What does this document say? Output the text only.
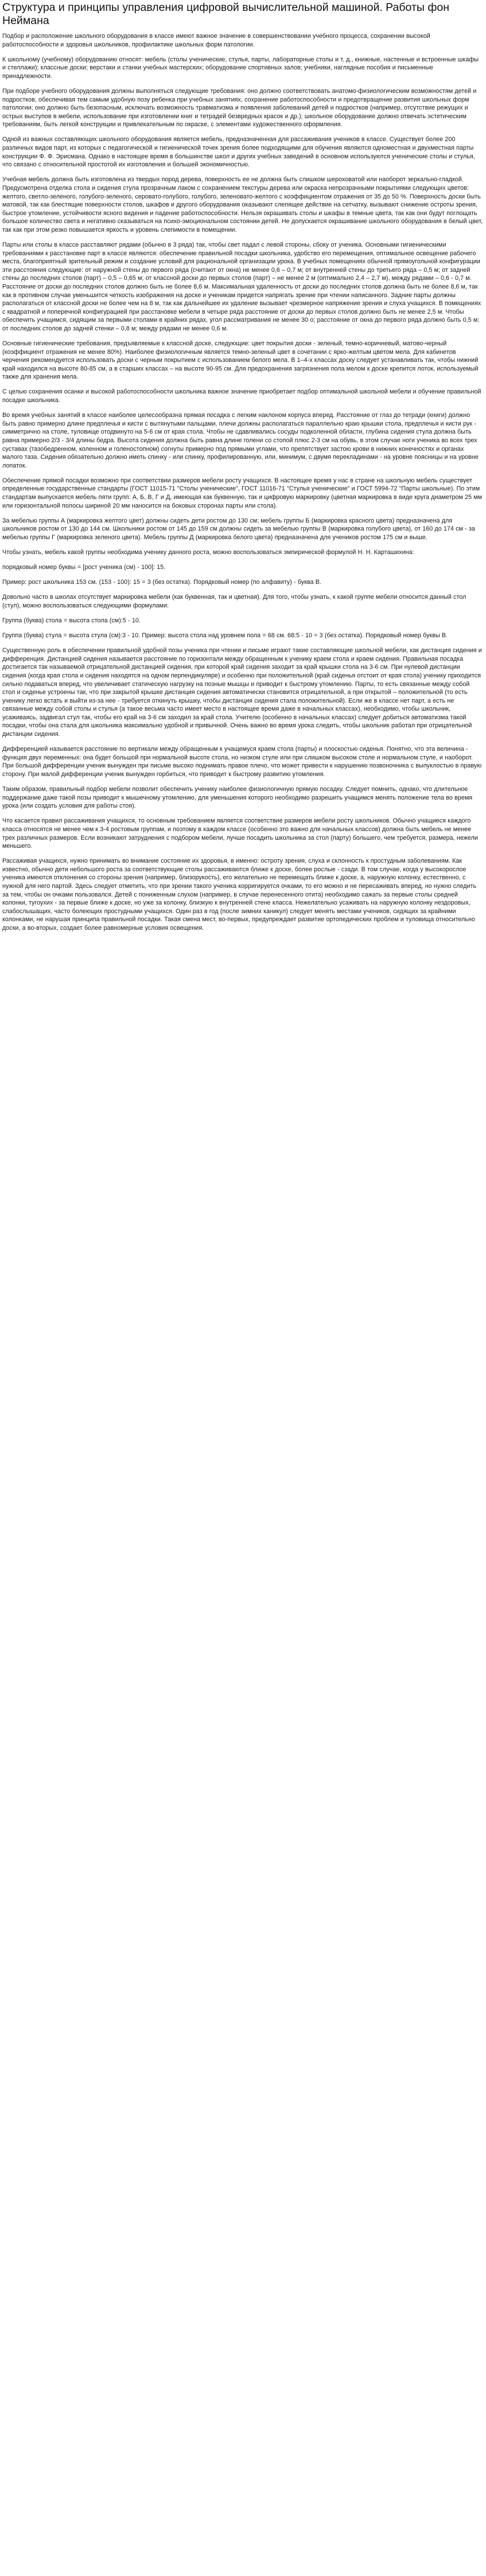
Структура и принципы управления цифровой вычислительной машиной. Работы фон Неймана

Подбор и расположение школьного оборудования в классе имеют важное значение в совершенствовании учебного процесса, сохранении высокой работоспособности и здоровья школьников, профилактике школьных форм патологии.

К школьному (учебному) оборудованию относят: мебель (столы ученические, стулья, парты, лабораторные столы и т. д., книжные, настенные и встроенные шкафы и стеллажи); классные доски; верстаки и станки учебных мастерских; оборудование спортивных залов; учебники, наглядные пособия и письменные принадлежности.

При подборе учебного оборудования должны выполняться следующие требования: оно должно соответствовать анатомо-физиологическим возможностям детей и подростков, обеспечивая тем самым удобную позу ребенка при учебных занятиях, сохранение работоспособности и предотвращение развития школьных форм патологии; оно должно быть безопасным, исключать возможность травматизма и появления заболеваний детей и подростков (например, отсутствие режущих и острых выступов в мебели, использование при изготовлении книг и тетрадей безвредных красок и др.); школьное оборудование должно отвечать эстетическим требованиям, быть легкой конструкции и привлекательным по окраске, с элементами художественного оформления.

Одной из важных составляющих школьного оборудования является мебель, предназначенная для рассаживания учеников в классе. Существует более 200 различных видов парт, из которых с педагогической и гигиенической точек зрения более подходящими для обучения являются одноместная и двухместная парты конструкции Ф. Ф. Эрисмана. Однако в настоящее время в большинстве школ и других учебных заведений в основном используются ученические столы и стулья, что связано с относительной простотой их изготовления и большей экономичностью.

Учебная мебель должна быть изготовлена из твердых пород дерева, поверхность ее не должна быть слишком шероховатой или наоборот зеркально-гладкой. Предусмотрена отделка стола и сидения стула прозрачным лаком с сохранением текстуры дерева или окраска непрозрачными покрытиями следующих цветов: желтого, светло-зеленого, голубого-зеленого, серовато-голубого, голубого, зеленовато-желтого с коэффициентом отражения от 35 до 50 %. Поверхность доски быть матовой, так как блестящие поверхности столов, шкафов и другого оборудования оказывают слепящее действие на сетчатку, вызывают снижение остроты зрения, быстрое утомление, устойчивости ясного видения и падение работоспособности. Нельзя окрашивать столы и шкафы в темные цвета, так как они будут поглощать большое количество света и негативно сказываться на психо-эмоциональном состоянии детей. Не допускается окрашивание школьного оборудования в белый цвет, так как при этом резко повышается яркость и уровень слепимости в помещении.

Парты или столы в классе расставляют рядами (обычно в 3 ряда) так, чтобы свет падал с левой стороны, сбоку от ученика. Основными гигиеническими требованиями к расстановке парт в классе являются: обеспечение правильной посадки школьника, удобство его перемещения, оптимальное освещение рабочего места, благоприятный зрительный режим и создание условий для рациональной организации урока. В учебных помещениях обычной прямоугольной конфигурации эти расстояния следующие: от наружной стены до первого ряда (считают от окна) не менее 0,6 – 0,7 м; от внутренней стены до третьего ряда – 0,5 м; от задней стены до последних столов (парт) – 0,5 – 0,65 м; от классной доски до первых столов (парт) – не менее 2 м (оптимально 2,4 – 2,7 м), между рядами – 0,6 - 0,7 м. Расстояние от доски до последних столов должно быть не более 8,6 м. Максимальная удаленность от доски до последних столов должна быть не более 8,6 м, так как в противном случае уменьшится четкость изображения на доске и ученикам придется напрягать зрение при чтении написанного. Задние парты должны располагаться от классной доски не более чем на 8 м, так как дальнейшее их удаление вызывает чрезмерное напряжение зрения и слуха учащихся. В помещениях с квадратной и поперечной конфигурацией при расстановке мебели в четыре ряда расстояние от доски до первых столов должно быть не менее 2,5 м. Чтобы обеспечить учащимся, сидящим за первыми столами в крайних рядах, угол рассматривания не менее 30 о; расстояние от окна до первого ряда должно быть 0,5 м; от последних столов до задней стенки – 0,8 м; между рядами не менее 0,6 м.

Основные гигиенические требования, предъявляемые к классной доске, следующие: цвет покрытия доски - зеленый, темно-коричневый, матово-черный (коэффициент отражения не менее 80%). Наиболее физиологичным является темно-зеленый цвет в сочетании с ярко-желтым цветом мела. Для кабинетов черчения рекомендуется использовать доски с черным покрытием с использованием белого мела. В 1–4-х классах доску следует устанавливать так, чтобы нижний край находился на высоте 80-85 см, а в старших классах – на высоте 90-95 см. Для предохранения загрязнения пола мелом к доске крепится лоток, используемый также для хранения мела.

С целью сохранения осанки и высокой работоспособности школьника важное значение приобретает подбор оптимальной школьной мебели и обучение правильной посадке школьника.

Во время учебных занятий в классе наиболее целесообразна прямая посадка с легким наклоном корпуса вперед. Расстояние от глаз до тетради (книги) должно быть равно примерно длине предплечья и кисти с вытянутыми пальцами, плечи должны располагаться параллельно краю крышки стола, предплечья и кисти рук - симметрично на столе, туловище отодвинуто на 5-6 см от края стола. Чтобы не сдавливались сосуды подколенной области, глубина сидения стула должна быть равна примерно 2/3 - 3/4 длины бедра. Высота сидения должна быть равна длине голени со стопой плюс 2-3 см на обувь, в этом случае ноги ученика во всех трех суставах (тазобедренном, коленном и голеностопном) согнуты примерно под прямыми углами, что препятствует застою крови в нижних конечностях и органах малого таза. Сидения обязательно должно иметь спинку - или спинку, профилированную, или, минимум, с двумя перекладинами - на уровне поясницы и на уровне лопаток.

Обеспечение прямой посадки возможно при соответствии размеров мебели росту учащихся. В настоящее время у нас в стране на школьную мебель существует определенные государственные стандарты (ГОСТ 11015-71 "Столы ученические", ГОСТ 11016-71 "Стулья ученические" и ГОСТ 5994-72 "Парты школьные). По этим стандартам выпускается мебель пяти групп: А, Б, В, Г и Д, имеющая как буквенную, так и цифровую маркировку (цветная маркировка в виде круга диаметром 25 мм или горизонтальной полосы шириной 20 мм наносится на боковых сторонах парты или стола).

За мебелью группы А (маркировка желтого цвет) должны сидеть дети ростом до 130 см; мебель группы Б (маркировка красного цвета) предназначена для школьников ростом от 130 до 144 см. Школьники ростом от 145 до 159 см должны сидеть за мебелью группы В (маркировка голубого цвета), от 160 до 174 см - за мебелью группы Г (маркировка зеленого цвета). Мебель группы Д (маркировка белого цвета) предназначена для учеников ростом 175 см и выше.

Чтобы узнать, мебель какой группы необходима ученику данного роста, можно воспользоваться эмпирической формулой Н. Н. Карташихина:

порядковый номер буквы = [рост ученика (см) - 100]: 15.

Пример: рост школьника 153 см. (153 - 100): 15 = 3 (без остатка). Порядковый номер (по алфавиту) - буква В.

Довольно часто в школах отсутствует маркировка мебели (как буквенная, так и цветная). Для того, чтобы узнать, к какой группе мебели относится данный стол (стул), можно воспользоваться следующими формулами:

Группа (буква) стола = высота стола (см):5 - 10.

Группа (буква) стула = высота стула (см):3 - 10. Пример: высота стола над уровнем пола = 68 см. 68:5 - 10 = 3 (без остатка). Порядковый номер буквы В.

Существенную роль в обеспечении правильной удобной позы ученика при чтении и письме играют такие составляющие школьной мебели, как дистанция сидения и дифференция. Дистанцией сидения называется расстояние по горизонтали между обращенным к ученику краем стола и краем сидения. Правильная посадка достигается так называемой отрицательной дистанцией сидения, при которой край сидения заходит за край крышки стола на 3-6 см. При нулевой дистанции сидения (когда края стола и сидения находятся на одном перпендикуляре) и особенно при положительной (край сиденья отстоит от края стола) ученику приходится сильно подаваться вперед, что увеличивает статическую нагрузку на позные мышцы и приводит к быстрому утомлению. Парты, то есть связанные между собой стол и сиденье устроены так, что при закрытой крышке дистанция сидения автоматически становится отрицательной, а при открытой – положительной (то есть ученику легко встать и выйти из-за нее - требуется откинуть крышку, чтобы дистанция сидения стала положительной). Если же в классе нет парт, а есть не связанные между собой столы и стулья (а такое весьма часто имеет место в настоящее время даже в начальных классах), необходимо, чтобы школьник, усаживаясь, задвигал стул так, чтобы его край на 3-6 см заходил за край стола. Учителю (особенно в начальных классах) следует добиться автоматизма такой посадки, чтобы она стала для школьника максимально удобной и привычной. Очень важно во время урока следить, чтобы школьник работал при отрицательной дистанции сидения.

Дифференцией называется расстояние по вертикали между обращенным к учащемуся краем стола (парты) и плоскостью сиденья. Понятно, что эта величина - функция двух переменных: она будет большой при нормальной высоте стола, но низком стуле или при слишком высоком столе и нормальном стуле, и наоборот. При большой дифференции ученик вынужден при письме высоко поднимать правое плечо, что может привести к нарушению позвоночника с выпуклостью в правую сторону. При малой дифференции ученик вынужден горбиться, что приводит к быстрому развитию утомления.

Таким образом, правильный подбор мебели позволит обеспечить ученику наиболее физиологичную прямую посадку. Следует помнить, однако, что длительное поддержание даже такой позы приводит к мышечному утомлению, для уменьшения которого необходимо разрешить учащимся менять положение тела во время урока (или создать условия для работы стоя).

Что касается правил рассаживания учащихся, то основным требованием является соответствие размеров мебели росту школьников. Обычно учащиеся каждого класса относятся не менее чем к 3-4 ростовым группам, и поэтому в каждом классе (особенно это важно для начальных классов) должна быть мебель не менее трех различных размеров. Если возникают затруднения с подбором мебели, лучше посадить школьника за стол (парту) большего, чем требуется, размера, нежели меньшего.

Рассаживая учащихся, нужно принимать во внимание состояние их здоровья, в именно: остроту зрения, слуха и склонность к простудным заболеваниям. Как известно, обычно дети небольшого роста за соответствующие столы рассаживаются ближе к доске, более рослые - сзади. В том случае, когда у высокорослое ученика имеются отклонения со стороны зрения (например, близорукость), его желательно не перемещать ближе к доске, а, наружную колонку, естественно, с нужной для него партой. Здесь следует отметить, что при зрении такого ученика корригируется очками, то его можно и не пересаживать вперед, но нужно следить за тем, чтобы он очками пользовался. Детей с пониженным слухом (например, в случае перенесенного отита) необходимо сажать за первые столы средней колонки, тугоухих - за первые ближе к доске, но уже за колонку, близкую к внутренней стене класса. Нежелательно усаживать на наружную колонку нездоровых, слабослышащих, часто болеющих простудными учащихся. Один раз в год (после зимних каникул) следует менять местами учеников, сидящих за крайними колонками, не нарушая принципа правильной посадки. Такая смена мест, во-первых, предупреждает развитие ортопедических проблем и туловища относительно доски, а во-вторых, создает более равномерные условия освещения.
